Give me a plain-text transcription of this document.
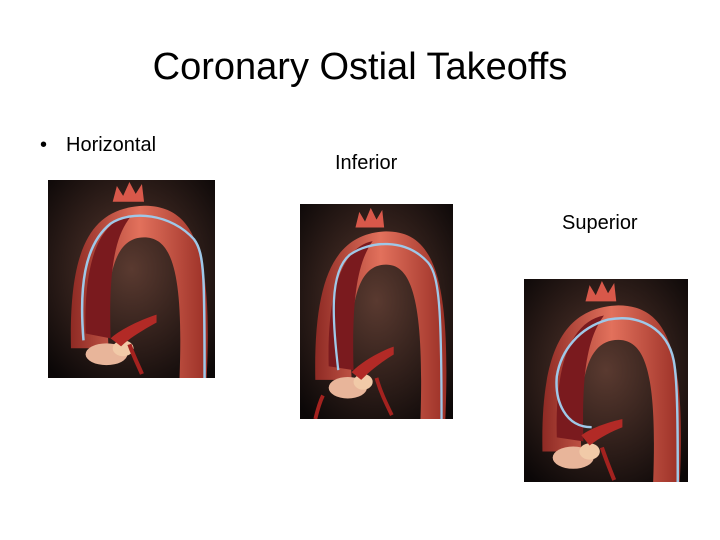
Coronary Ostial Takeoffs
• Horizontal
Inferior
Superior
